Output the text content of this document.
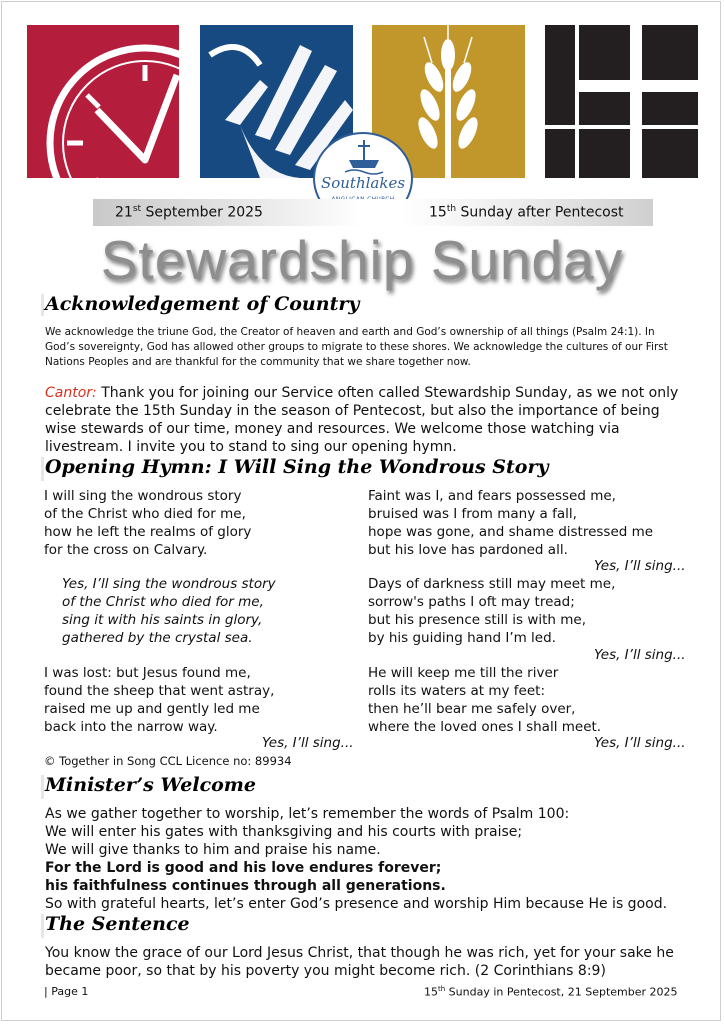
Southlakes
21st September 2025	15th Sunday after Pentecost
Stewardship Sunday
Acknowledgement of Country
We acknowledge the triune God, the Creator of heaven and earth and God’s ownership of all things (Psalm 24:1). In God’s sovereignty, God has allowed other groups to migrate to these shores. We acknowledge the cultures of our First Nations Peoples and are thankful for the community that we share together now.
Cantor: Thank you for joining our Service often called Stewardship Sunday, as we not only celebrate the 15th Sunday in the season of Pentecost, but also the importance of being wise stewards of our time, money and resources. We welcome those watching via livestream. I invite you to stand to sing our opening hymn.
Opening Hymn: I Will Sing the Wondrous Story
I will sing the wondrous story
of the Christ who died for me,
how he left the realms of glory
for the cross on Calvary.
Yes, I’ll sing the wondrous story
of the Christ who died for me,
sing it with his saints in glory,
gathered by the crystal sea.
I was lost: but Jesus found me,
found the sheep that went astray,
raised me up and gently led me
back into the narrow way.
Yes, I’ll sing...
© Together in Song CCL Licence no: 89934
Faint was I, and fears possessed me,
bruised was I from many a fall,
hope was gone, and shame distressed me
but his love has pardoned all.
Yes, I’ll sing...
Days of darkness still may meet me,
sorrow's paths I oft may tread;
but his presence still is with me,
by his guiding hand I’m led.
Yes, I’ll sing...
He will keep me till the river
rolls its waters at my feet:
then he’ll bear me safely over,
where the loved ones I shall meet.
Yes, I’ll sing...
Minister’s Welcome
As we gather together to worship, let’s remember the words of Psalm 100:
We will enter his gates with thanksgiving and his courts with praise;
We will give thanks to him and praise his name.
For the Lord is good and his love endures forever;
his faithfulness continues through all generations.
So with grateful hearts, let’s enter God’s presence and worship Him because He is good.
The Sentence
You know the grace of our Lord Jesus Christ, that though he was rich, yet for your sake he became poor, so that by his poverty you might become rich. (2 Corinthians 8:9)
| Page 1	15th Sunday in Pentecost, 21 September 2025
